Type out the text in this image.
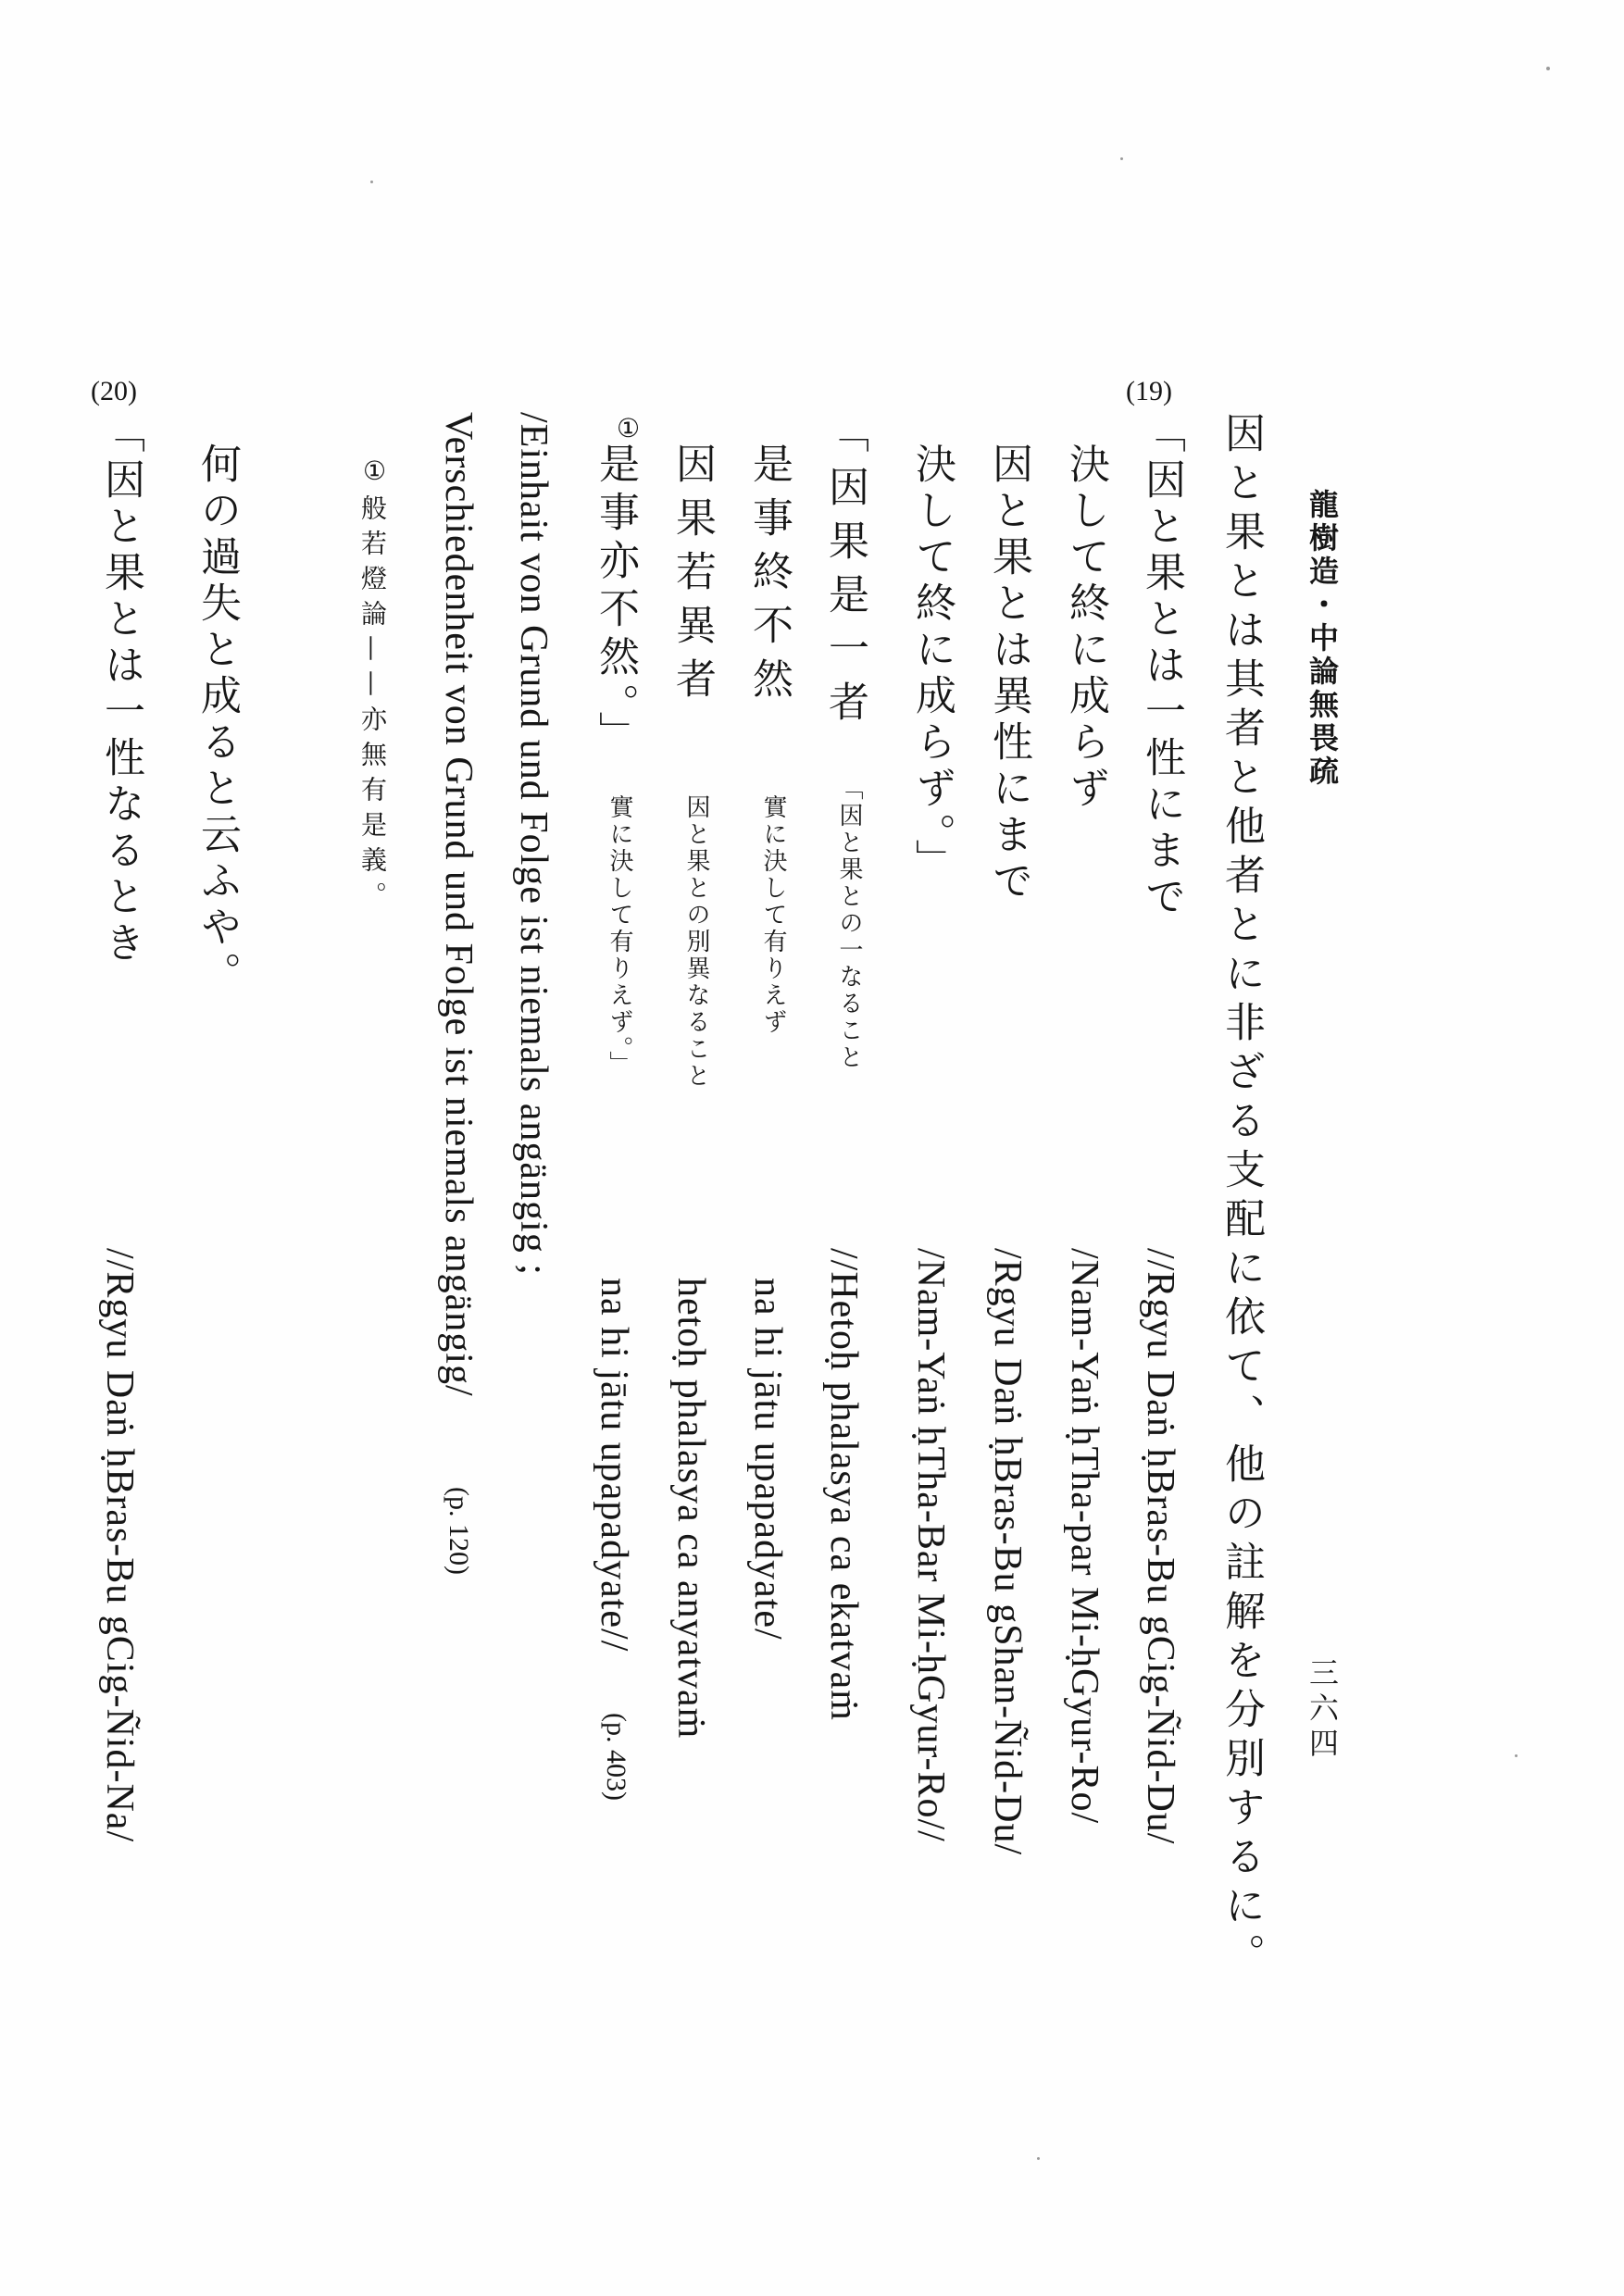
龍樹造・中論無畏疏
三六四
因と果とは其者と他者とに非ざる支配に依て、他の註解を分別するに。
(19)
「因と果とは一性にまで
決して終に成らず
因と果とは異性にまで
決して終に成らず。」
//Rgyu Daṅ ḥBras-Bu gCig-Ñid-Du/
/Nam-Yaṅ ḥTha-par Mi-ḥGyur-Ro/
/Rgyu Daṅ ḥBras-Bu gShan-Ñid-Du/
/Nam-Yaṅ ḥTha-Bar Mi-ḥGyur-Ro//
「因果是一者
是事終不然
因果若異者
①
是事亦不然。」
「因と果との一なること
實に決して有りえず
因と果との別異なること
實に決して有りえず。」
//Hetoḥ phalasya ca ekatvaṁ
na hi jātu upapadyate/
hetoḥ phalasya ca anyatvaṁ
na hi jātu upapadyate//
(p. 403)
/Einhait von Grund und Folge ist niemals angängig ;
Verschiedenheit von Grund und Folge ist niemals angängig/
(p. 120)
①
般若燈論——亦無有是義。
何の過失と成ると云ふや。
(20)
「因と果とは一性なるとき
//Rgyu Daṅ ḥBras-Bu gCig-Ñid-Na/
